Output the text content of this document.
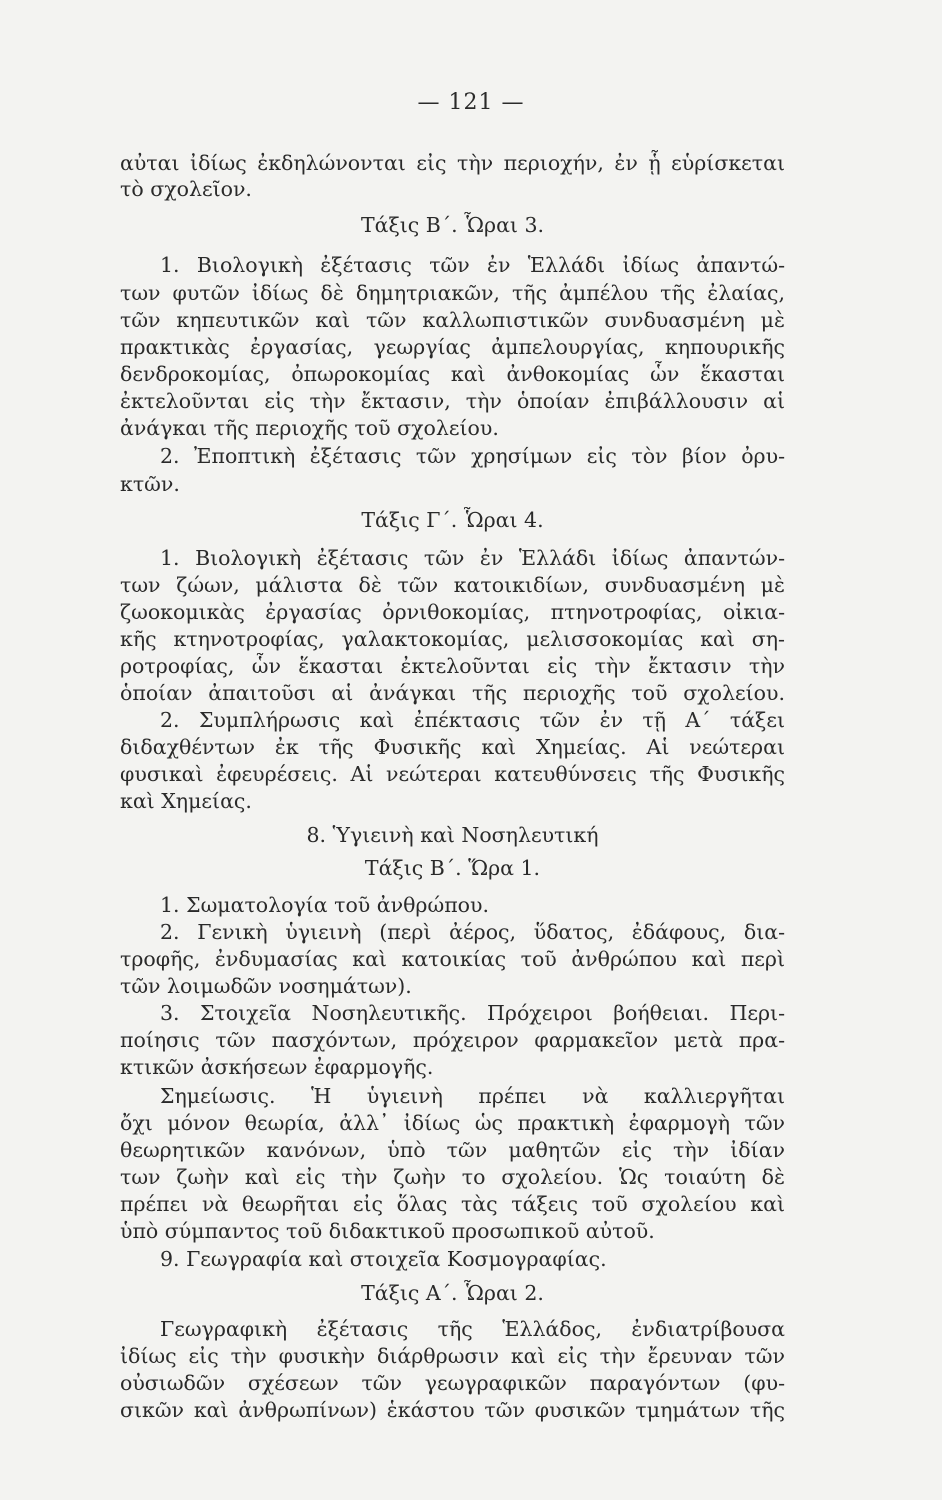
— 121 —
αὐται ἰδίως ἐκδηλώνονται εἰς τὴν περιοχήν, ἐν ᾗ εὑρίσκεται
τὸ σχολεῖον.
Τάξις Β΄. Ὧραι 3.
1. Βιολογικὴ ἐξέτασις τῶν ἐν Ἑλλάδι ἰδίως ἀπαντώ-
των φυτῶν ἰδίως δὲ δημητριακῶν, τῆς ἀμπέλου τῆς ἐλαίας,
τῶν κηπευτικῶν καὶ τῶν καλλωπιστικῶν συνδυασμένη μὲ
πρακτικὰς ἐργασίας, γεωργίας ἀμπελουργίας, κηπουρικῆς
δενδροκομίας, ὀπωροκομίας καὶ ἀνθοκομίας ὧν ἕκασται
ἐκτελοῦνται εἰς τὴν ἔκτασιν, τὴν ὁποίαν ἐπιβάλλουσιν αἱ
ἀνάγκαι τῆς περιοχῆς τοῦ σχολείου.
2. Ἐποπτικὴ ἐξέτασις τῶν χρησίμων εἰς τὸν βίον ὀρυ-
κτῶν.
Τάξις Γ΄. Ὧραι 4.
1. Βιολογικὴ ἐξέτασις τῶν ἐν Ἑλλάδι ἰδίως ἀπαντών-
των ζώων, μάλιστα δὲ τῶν κατοικιδίων, συνδυασμένη μὲ
ζωοκομικὰς ἐργασίας ὀρνιθοκομίας, πτηνοτροφίας, οἰκια-
κῆς κτηνοτροφίας, γαλακτοκομίας, μελισσοκομίας καὶ ση-
ροτροφίας, ὧν ἕκασται ἐκτελοῦνται εἰς τὴν ἔκτασιν τὴν
ὁποίαν ἀπαιτοῦσι αἱ ἀνάγκαι τῆς περιοχῆς τοῦ σχολείου.
2. Συμπλήρωσις καὶ ἐπέκτασις τῶν ἐν τῇ Α΄ τάξει
διδαχθέντων ἐκ τῆς Φυσικῆς καὶ Χημείας. Αἱ νεώτεραι
φυσικαὶ ἐφευρέσεις. Αἱ νεώτεραι κατευθύνσεις τῆς Φυσικῆς
καὶ Χημείας.
8. Ὑγιεινὴ καὶ Νοσηλευτική
Τάξις Β΄. Ὥρα 1.
1. Σωματολογία τοῦ ἀνθρώπου.
2. Γενικὴ ὑγιεινὴ (περὶ ἀέρος, ὕδατος, ἐδάφους, δια-
τροφῆς, ἐνδυμασίας καὶ κατοικίας τοῦ ἀνθρώπου καὶ περὶ
τῶν λοιμωδῶν νοσημάτων).
3. Στοιχεῖα Νοσηλευτικῆς. Πρόχειροι βοήθειαι. Περι-
ποίησις τῶν πασχόντων, πρόχειρον φαρμακεῖον μετὰ πρα-
κτικῶν ἀσκήσεων ἐφαρμογῆς.
Σημείωσις. Ἡ ὑγιεινὴ πρέπει νὰ καλλιεργῆται
ὄχι μόνον θεωρία, ἀλλ᾽ ἰδίως ὡς πρακτικὴ ἐφαρμογὴ τῶν
θεωρητικῶν κανόνων, ὑπὸ τῶν μαθητῶν εἰς τὴν ἰδίαν
των ζωὴν καὶ εἰς τὴν ζωὴν το σχολείου. Ὡς τοιαύτη δὲ
πρέπει νὰ θεωρῆται εἰς ὅλας τὰς τάξεις τοῦ σχολείου καὶ
ὑπὸ σύμπαντος τοῦ διδακτικοῦ προσωπικοῦ αὐτοῦ.
9. Γεωγραφία καὶ στοιχεῖα Κοσμογραφίας.
Τάξις Α΄. Ὧραι 2.
Γεωγραφικὴ ἐξέτασις τῆς Ἑλλάδος, ἐνδιατρίβουσα
ἰδίως εἰς τὴν φυσικὴν διάρθρωσιν καὶ εἰς τὴν ἔρευναν τῶν
οὐσιωδῶν σχέσεων τῶν γεωγραφικῶν παραγόντων (φυ-
σικῶν καὶ ἀνθρωπίνων) ἑκάστου τῶν φυσικῶν τμημάτων τῆς
